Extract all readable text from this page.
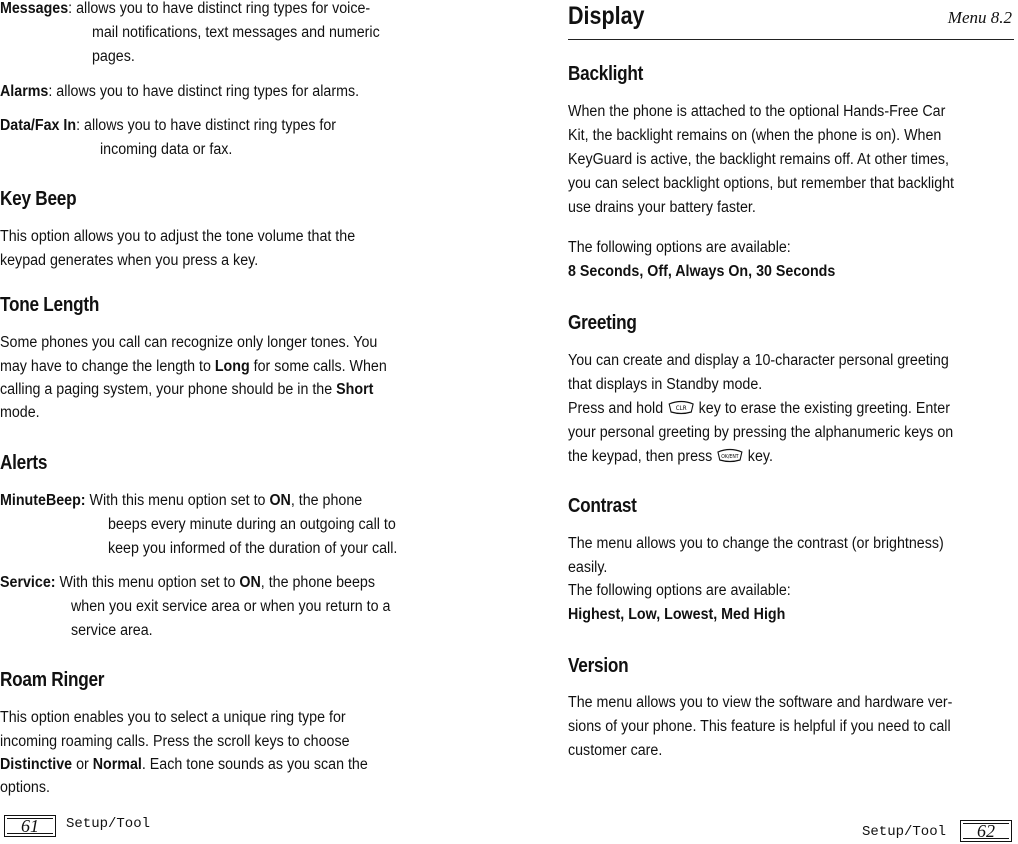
Messages: allows you to have distinct ring types for voice-
mail notifications, text messages and numeric
pages.
Alarms: allows you to have distinct ring types for alarms.
Data/Fax In: allows you to have distinct ring types for
incoming data or fax.
Key Beep
This option allows you to adjust the tone volume that the
keypad generates when you press a key.
Tone Length
Some phones you call can recognize only longer tones. You
may have to change the length to Long for some calls. When
calling a paging system, your phone should be in the Short
mode.
Alerts
MinuteBeep: With this menu option set to ON, the phone
beeps every minute during an outgoing call to
keep you informed of the duration of your call.
Service: With this menu option set to ON, the phone beeps
when you exit service area or when you return to a
service area.
Roam Ringer
This option enables you to select a unique ring type for
incoming roaming calls. Press the scroll keys to choose
Distinctive or Normal. Each tone sounds as you scan the
options.
61	Setup/Tool
Display	Menu 8.2
Backlight
When the phone is attached to the optional Hands-Free Car
Kit, the backlight remains on (when the phone is on). When
KeyGuard is active, the backlight remains off. At other times,
you can select backlight options, but remember that backlight
use drains your battery faster.
The following options are available:
8 Seconds, Off, Always On, 30 Seconds
Greeting
You can create and display a 10-character personal greeting
that displays in Standby mode.
Press and hold CLR key to erase the existing greeting. Enter
your personal greeting by pressing the alphanumeric keys on
the keypad, then press OK/ENT key.
Contrast
The menu allows you to change the contrast (or brightness)
easily.
The following options are available:
Highest, Low, Lowest, Med High
Version
The menu allows you to view the software and hardware ver-
sions of your phone. This feature is helpful if you need to call
customer care.
Setup/Tool	62
